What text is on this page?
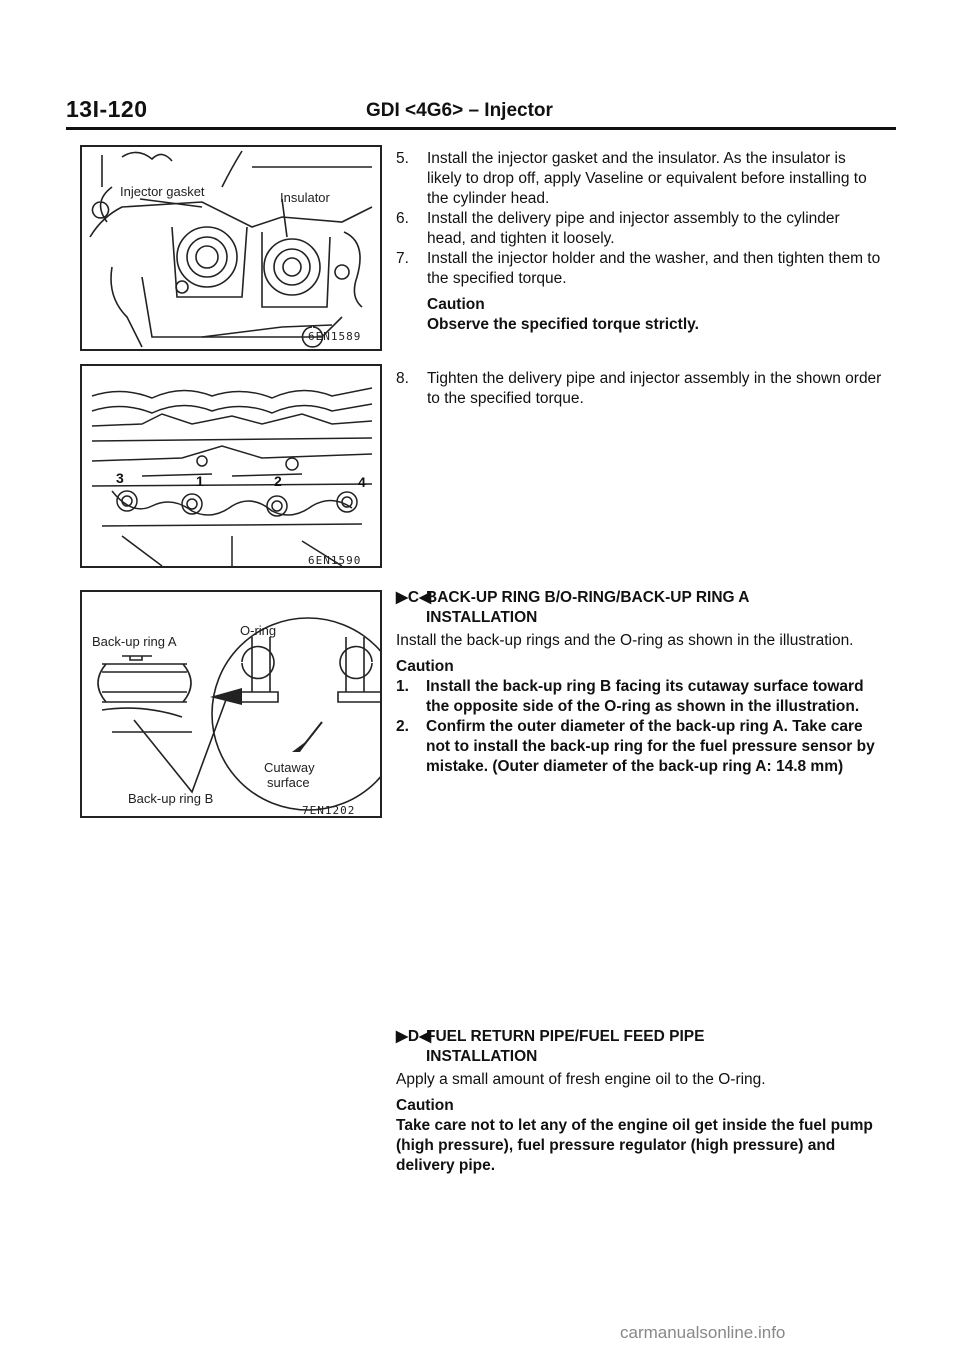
13I-120	GDI <4G6> – Injector
Injector gasket	Insulator
6EN1589
3	1	2	4
6EN1590
Back-up ring A
O-ring
Cutaway
surface
Back-up ring B
7EN1202
5. Install the injector gasket and the insulator. As the insulator is likely to drop off, apply Vaseline or equivalent before installing to the cylinder head.
6. Install the delivery pipe and injector assembly to the cylinder head, and tighten it loosely.
7. Install the injector holder and the washer, and then tighten them to the specified torque.
Caution
Observe the specified torque strictly.
8. Tighten the delivery pipe and injector assembly in the shown order to the specified torque.
▶C◀
BACK-UP RING B/O-RING/BACK-UP RING A
INSTALLATION
Install the back-up rings and the O-ring as shown in the illustration.
Caution
1. Install the back-up ring B facing its cutaway surface toward the opposite side of the O-ring as shown in the illustration.
2. Confirm the outer diameter of the back-up ring A. Take care not to install the back-up ring for the fuel pressure sensor by mistake. (Outer diameter of the back-up ring A: 14.8 mm)
▶D◀
FUEL RETURN PIPE/FUEL FEED PIPE
INSTALLATION
Apply a small amount of fresh engine oil to the O-ring.
Caution
Take care not to let any of the engine oil get inside the fuel pump (high pressure), fuel pressure regulator (high pressure) and delivery pipe.
carmanualsonline.info
